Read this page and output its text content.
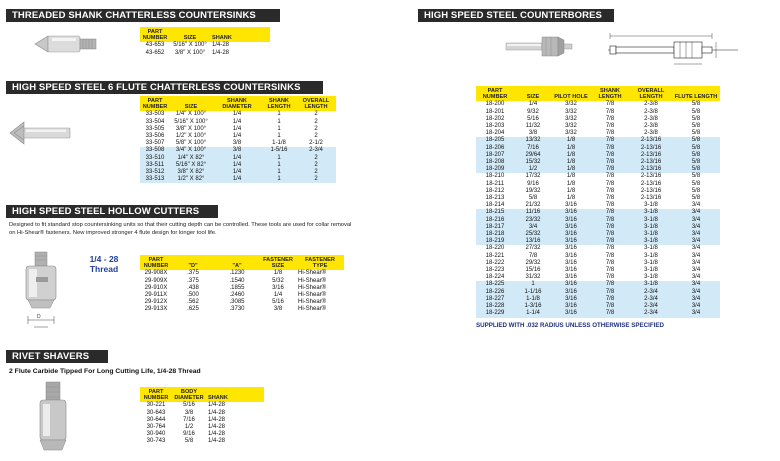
THREADED SHANK CHATTERLESS COUNTERSINKS
PART NUMBER	SIZE	SHANK
43-653	5/16" X 100°	1/4-28
43-652	3/8" X 100°	1/4-28
HIGH SPEED STEEL 6 FLUTE CHATTERLESS COUNTERSINKS
PART NUMBER	SIZE	SHANK DIAMETER	SHANK LENGTH	OVERALL LENGTH
33-503	1/4" X 100°	1/4	1	2
33-504	5/16" X 100°	1/4	1	2
33-505	3/8" X 100°	1/4	1	2
33-506	1/2" X 100°	1/4	1	2
33-507	5/8" X 100°	3/8	1-1/8	2-1/2
33-508	3/4" X 100°	3/8	1-5/16	2-3/4
33-510	1/4" X 82°	1/4	1	2
33-511	5/16" X 82°	1/4	1	2
33-512	3/8" X 82°	1/4	1	2
33-513	1/2" X 82°	1/4	1	2
HIGH SPEED STEEL HOLLOW CUTTERS
Designed to fit standard stop countersinking units so that their cutting depth can be controlled. These tools are used for collar removal on Hi-Shear® fasteners. New improved stronger 4 flute design for longer tool life.
D
1/4 - 28 Thread
PART NUMBER	"D"	"A"	FASTENER SIZE	FASTENER TYPE
29-908X	.375	.1230	1/8	Hi-Shear®
29-909X	.375	.1540	5/32	Hi-Shear®
29-910X	.438	.1855	3/16	Hi-Shear®
29-911X	.500	.2460	1/4	Hi-Shear®
29-912X	.562	.3085	5/16	Hi-Shear®
29-913X	.625	.3730	3/8	Hi-Shear®
RIVET SHAVERS
2 Flute Carbide Tipped For Long Cutting Life, 1/4-28 Thread
PART NUMBER	BODY DIAMETER	SHANK
30-221	5/16	1/4-28
30-643	3/8	1/4-28
30-644	7/16	1/4-28
30-764	1/2	1/4-28
30-940	9/16	1/4-28
30-743	5/8	1/4-28
HIGH SPEED STEEL COUNTERBORES
PART NUMBER	SIZE	PILOT HOLE	SHANK LENGTH	OVERALL LENGTH	FLUTE LENGTH
18-200	1/4	3/32	7/8	2-3/8	5/8
18-201	9/32	3/32	7/8	2-3/8	5/8
18-202	5/16	3/32	7/8	2-3/8	5/8
18-203	11/32	3/32	7/8	2-3/8	5/8
18-204	3/8	3/32	7/8	2-3/8	5/8
18-205	13/32	1/8	7/8	2-13/16	5/8
18-206	7/16	1/8	7/8	2-13/16	5/8
18-207	29/64	1/8	7/8	2-13/16	5/8
18-208	15/32	1/8	7/8	2-13/16	5/8
18-209	1/2	1/8	7/8	2-13/16	5/8
18-210	17/32	1/8	7/8	2-13/16	5/8
18-211	9/16	1/8	7/8	2-13/16	5/8
18-212	19/32	1/8	7/8	2-13/16	5/8
18-213	5/8	1/8	7/8	2-13/16	5/8
18-214	21/32	3/16	7/8	3-1/8	3/4
18-215	11/16	3/16	7/8	3-1/8	3/4
18-216	23/32	3/16	7/8	3-1/8	3/4
18-217	3/4	3/16	7/8	3-1/8	3/4
18-218	25/32	3/16	7/8	3-1/8	3/4
18-219	13/16	3/16	7/8	3-1/8	3/4
18-220	27/32	3/16	7/8	3-1/8	3/4
18-221	7/8	3/16	7/8	3-1/8	3/4
18-222	29/32	3/16	7/8	3-1/8	3/4
18-223	15/16	3/16	7/8	3-1/8	3/4
18-224	31/32	3/16	7/8	3-1/8	3/4
18-225	1	3/16	7/8	3-1/8	3/4
18-226	1-1/16	3/16	7/8	2-3/4	3/4
18-227	1-1/8	3/16	7/8	2-3/4	3/4
18-228	1-3/16	3/16	7/8	2-3/4	3/4
18-229	1-1/4	3/16	7/8	2-3/4	3/4
SUPPLIED WITH .032 RADIUS UNLESS OTHERWISE SPECIFIED
